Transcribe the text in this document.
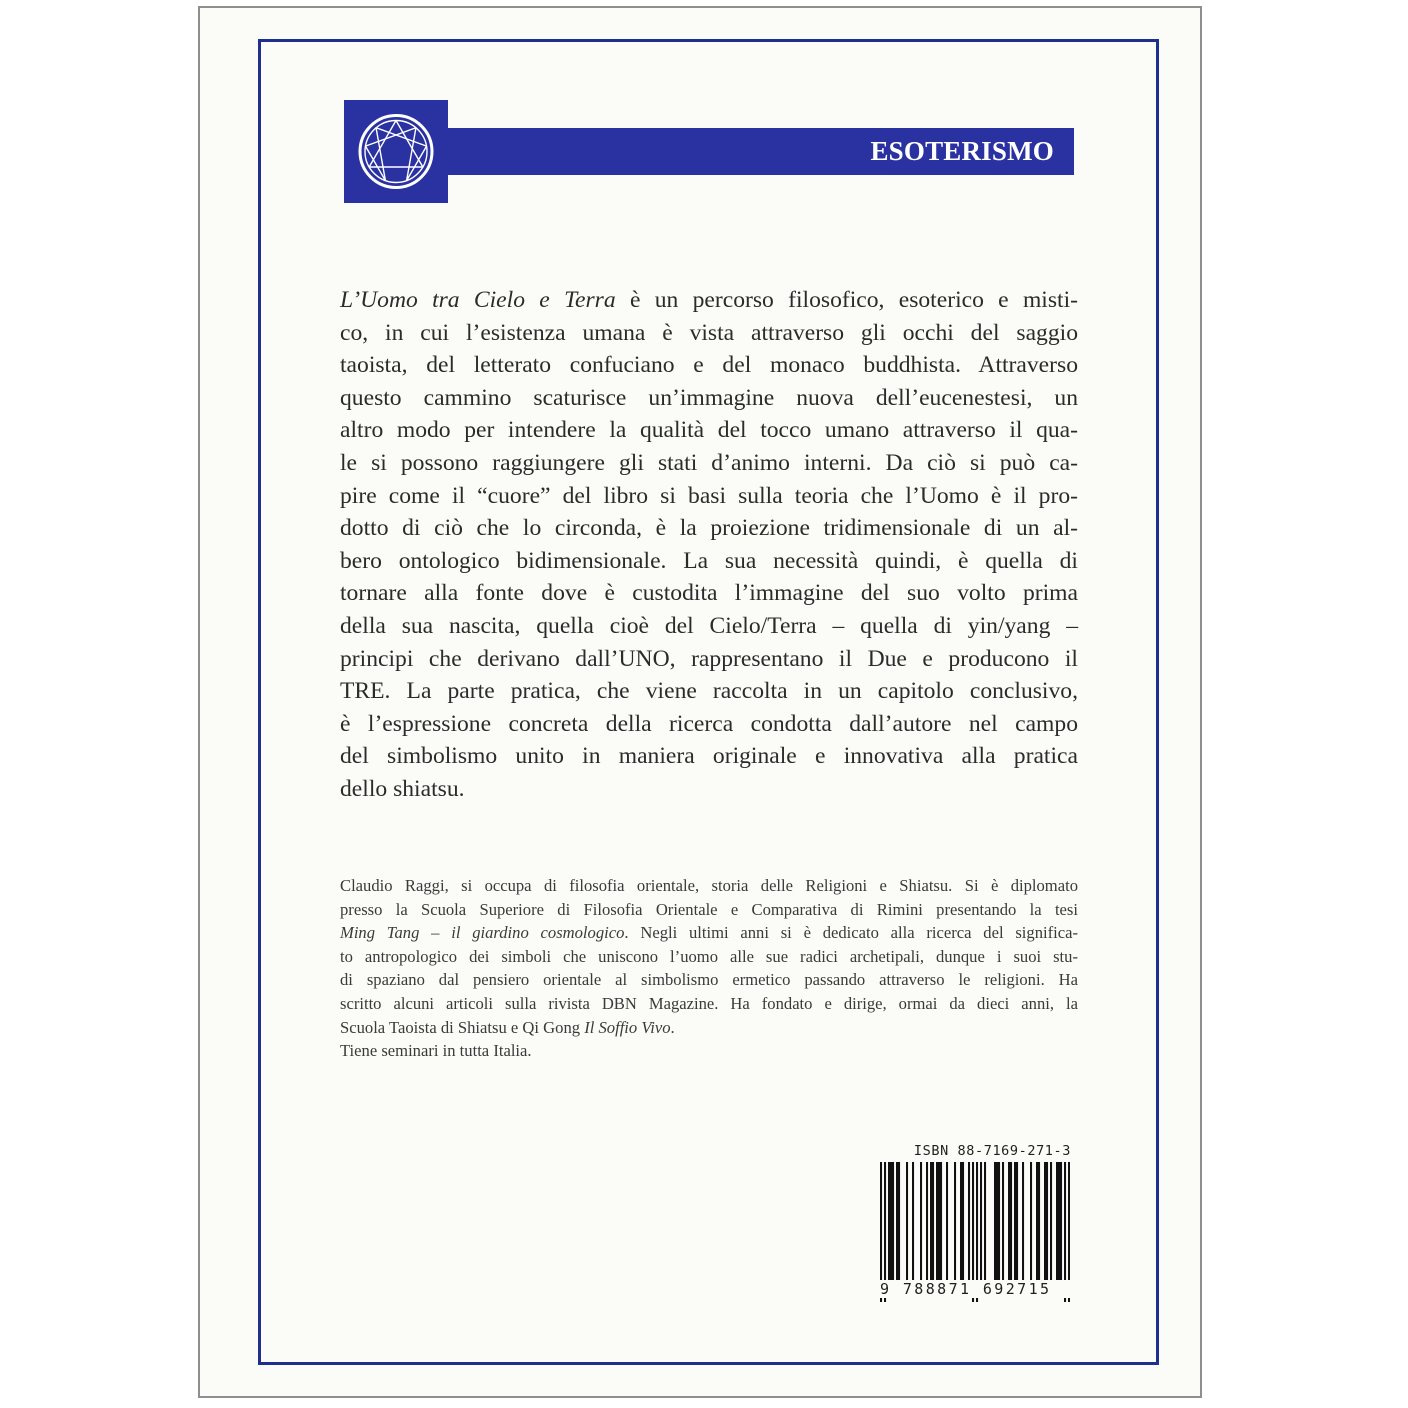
ESOTERISMO
L’Uomo tra Cielo e Terra è un percorso filosofico, esoterico e misti-
co, in cui l’esistenza umana è vista attraverso gli occhi del saggio
taoista, del letterato confuciano e del monaco buddhista. Attraverso
questo cammino scaturisce un’immagine nuova dell’eucenestesi, un
altro modo per intendere la qualità del tocco umano attraverso il qua-
le si possono raggiungere gli stati d’animo interni. Da ciò si può ca-
pire come il “cuore” del libro si basi sulla teoria che l’Uomo è il pro-
dotto di ciò che lo circonda, è la proiezione tridimensionale di un al-
bero ontologico bidimensionale. La sua necessità quindi, è quella di
tornare alla fonte dove è custodita l’immagine del suo volto prima
della sua nascita, quella cioè del Cielo/Terra – quella di yin/yang –
principi che derivano dall’UNO, rappresentano il Due e producono il
TRE. La parte pratica, che viene raccolta in un capitolo conclusivo,
è l’espressione concreta della ricerca condotta dall’autore nel campo
del simbolismo unito in maniera originale e innovativa alla pratica
dello shiatsu.
Claudio Raggi, si occupa di filosofia orientale, storia delle Religioni e Shiatsu. Si è diplomato
presso la Scuola Superiore di Filosofia Orientale e Comparativa di Rimini presentando la tesi
Ming Tang – il giardino cosmologico. Negli ultimi anni si è dedicato alla ricerca del significa-
to antropologico dei simboli che uniscono l’uomo alle sue radici archetipali, dunque i suoi stu-
di spaziano dal pensiero orientale al simbolismo ermetico passando attraverso le religioni. Ha
scritto alcuni articoli sulla rivista DBN Magazine. Ha fondato e dirige, ormai da dieci anni, la
Scuola Taoista di Shiatsu e Qi Gong Il Soffio Vivo.
Tiene seminari in tutta Italia.
ISBN 88-7169-271-3
9 788871 692715
